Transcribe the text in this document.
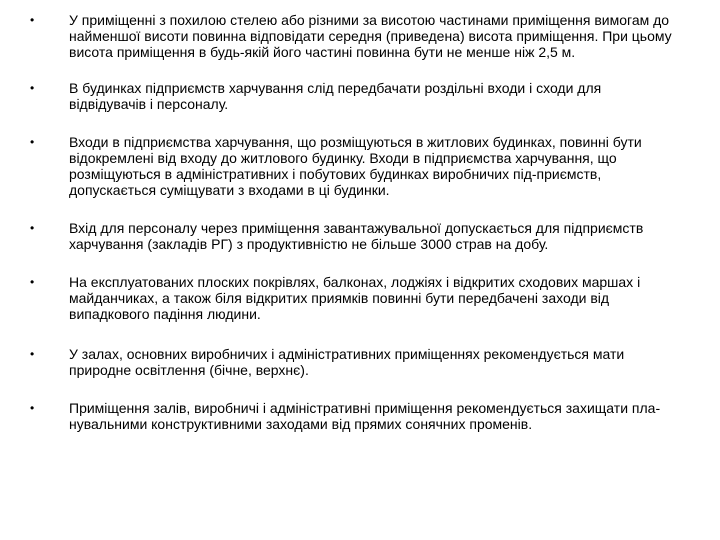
• У приміщенні з похилою стелею або різними за висотою частинами приміщення вимогам до найменшої висоти повинна відповідати середня (приведена) висота приміщення. При цьому висота приміщення в будь-якій його частині повинна бути не менше ніж 2,5 м.
• В будинках підприємств харчування слід передбачати роздільні входи і сходи для відвідувачів і персоналу.
• Входи в підприємства харчування, що розміщуються в житлових будинках, повинні бути відокремлені від входу до житлового будинку. Входи в підприємства харчування, що розміщуються в адміністративних і побутових будинках виробничих під-приємств, допускається суміщувати з входами в ці будинки.
• Вхід для персоналу через приміщення завантажувальної допускається для підприємств харчування (закладів РГ) з продуктивністю не більше 3000 страв на добу.
• На експлуатованих плоских покрівлях, балконах, лоджіях і відкритих сходових маршах і майданчиках, а також біля відкритих приямків повинні бути передбачені заходи від випадкового падіння людини.
• У залах, основних виробничих і адміністративних приміщеннях рекомендується мати природне освітлення (бічне, верхнє).
• Приміщення залів, виробничі і адміністративні приміщення рекомендується захищати пла-нувальними конструктивними заходами від прямих сонячних променів.
